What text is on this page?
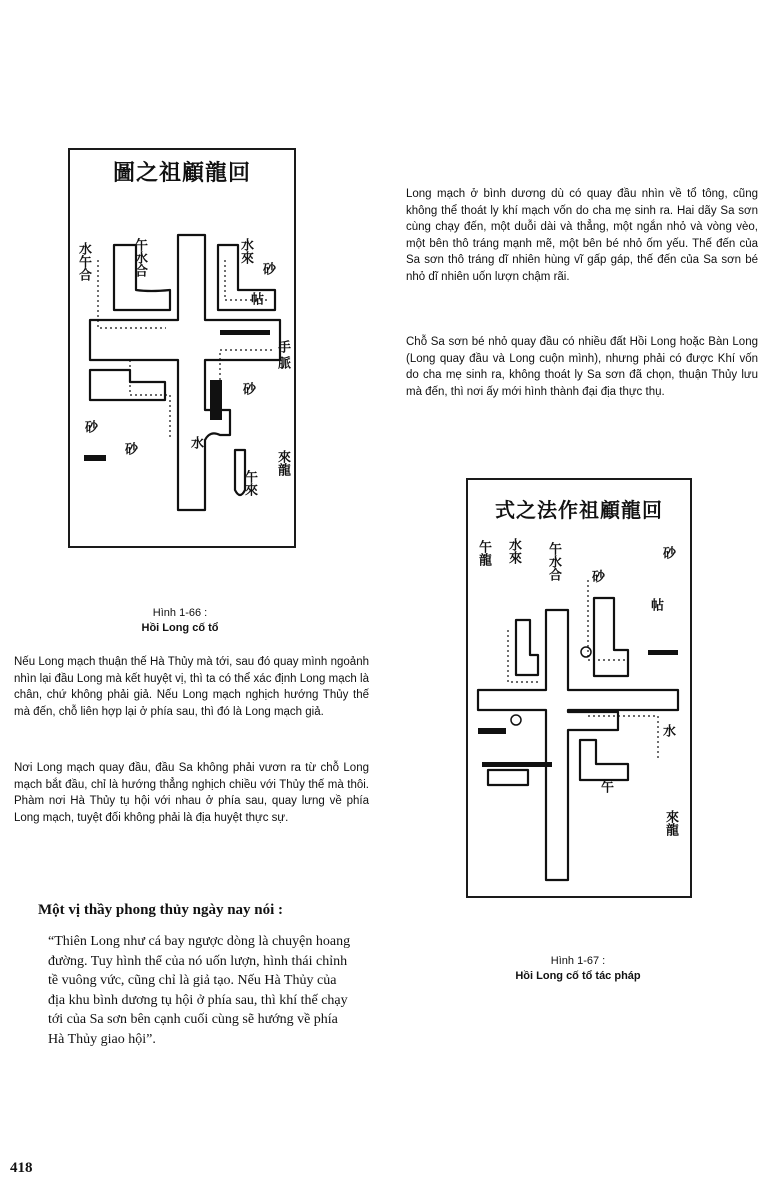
圖之祖顧龍回
水午合	午水合	水來
砂
帖
手
脈
砂
來龍
砂
砂	水
午來
Hình 1-66 :
Hồi Long cố tổ

Long mạch ở bình dương dù có quay đầu nhìn về tổ tông, cũng không thể thoát ly khí mạch vốn do cha mẹ sinh ra. Hai dãy Sa sơn cùng chạy đến, một duỗi dài và thẳng, một ngắn nhỏ và vòng vèo, một bên thô tráng mạnh mẽ, một bên bé nhỏ ốm yếu. Thế đến của Sa sơn thô tráng dĩ nhiên hùng vĩ gấp gáp, thế đến của Sa sơn bé nhỏ dĩ nhiên uốn lượn chậm rãi.

Chỗ Sa sơn bé nhỏ quay đầu có nhiều đất Hồi Long hoặc Bàn Long (Long quay đầu và Long cuộn mình), nhưng phải có được Khí vốn do cha mẹ sinh ra, không thoát ly Sa sơn đã chọn, thuận Thủy lưu mà đến, thì nơi ấy mới hình thành đại địa thực thụ.

式之法作祖顧龍回
午龍 水來 午水合	砂
砂
帖
水
午
來龍
Hình 1-67 :
Hồi Long cố tổ tác pháp

Nếu Long mạch thuận thế Hà Thủy mà tới, sau đó quay mình ngoảnh nhìn lại đầu Long mà kết huyệt vị, thì ta có thể xác định Long mạch là chân, chứ không phải giả. Nếu Long mạch nghịch hướng Thủy thế mà đến, chỗ liên hợp lại ở phía sau, thì đó là Long mạch giả.

Nơi Long mạch quay đầu, đầu Sa không phải vươn ra từ chỗ Long mạch bắt đầu, chỉ là hướng thẳng nghịch chiều với Thủy thế mà thôi. Phàm nơi Hà Thủy tụ hội với nhau ở phía sau, quay lưng về phía Long mạch, tuyệt đối không phải là địa huyệt thực sự.

Một vị thầy phong thủy ngày nay nói :

“Thiên Long như cá bay ngược dòng là chuyện hoang đường. Tuy hình thể của nó uốn lượn, hình thái chỉnh tề vuông vức, cũng chỉ là giả tạo. Nếu Hà Thủy của địa khu bình dương tụ hội ở phía sau, thì khí thế chạy tới của Sa sơn bên cạnh cuối cùng sẽ hướng về phía Hà Thủy giao hội”.

418
